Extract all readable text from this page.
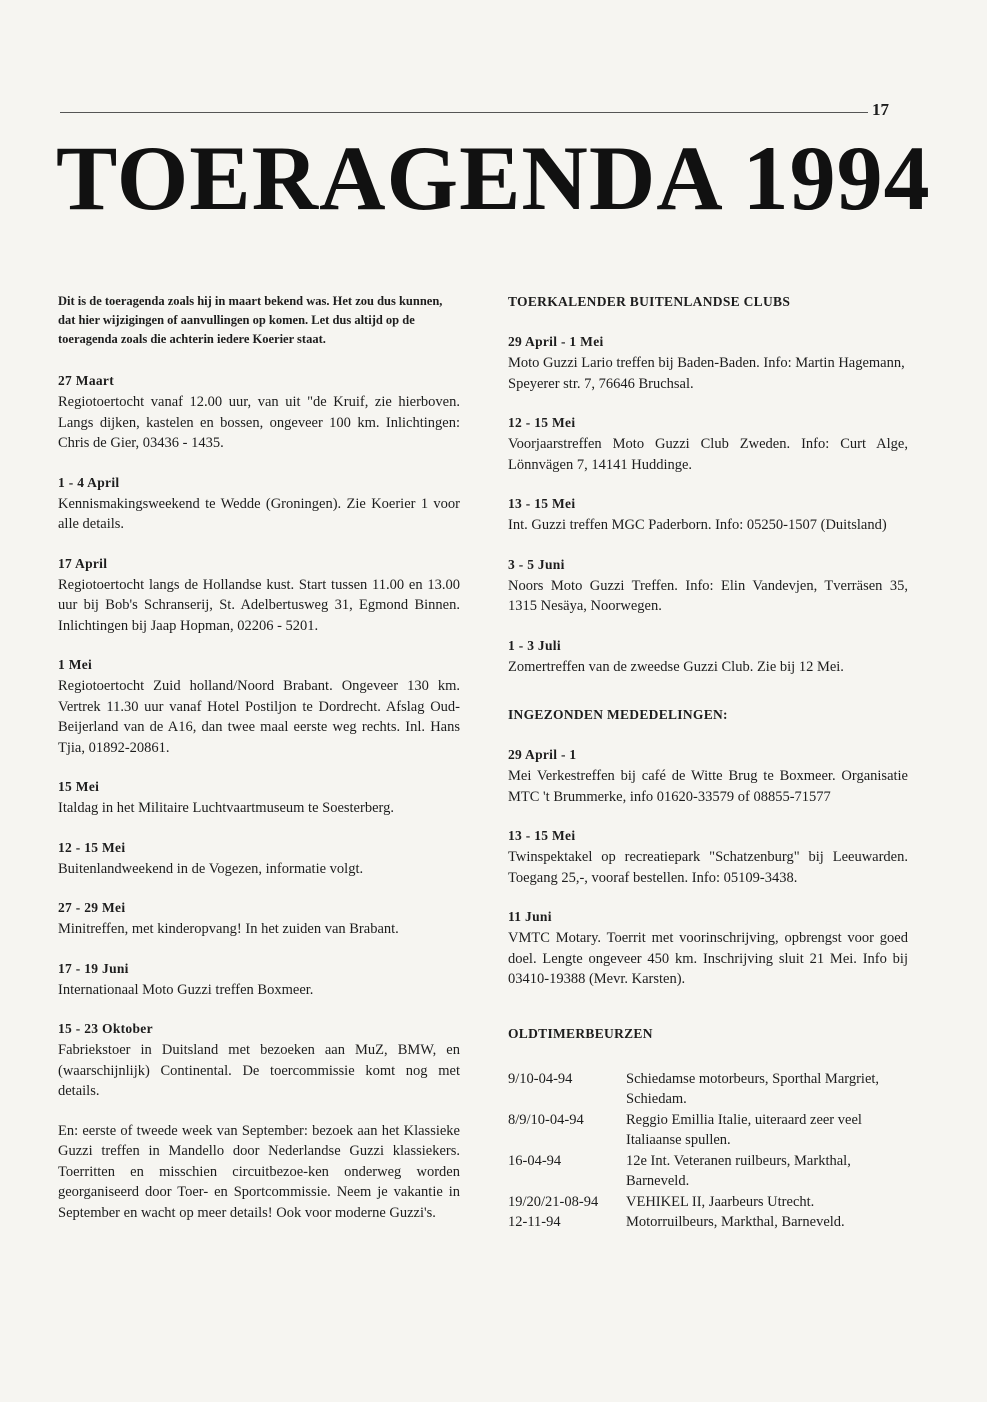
17
TOERAGENDA 1994

Dit is de toeragenda zoals hij in maart bekend was. Het zou dus kunnen, dat hier wijzigingen of aanvullingen op komen. Let dus altijd op de toeragenda zoals die achterin iedere Koerier staat.

27 Maart

Regiotoertocht vanaf 12.00 uur, van uit "de Kruif, zie hierboven. Langs dijken, kastelen en bossen, ongeveer 100 km. Inlichtingen: Chris de Gier, 03436 - 1435.

1 - 4 April

Kennismakingsweekend te Wedde (Groningen). Zie Koerier 1 voor alle details.

17 April

Regiotoertocht langs de Hollandse kust. Start tussen 11.00 en 13.00 uur bij Bob's Schranserij, St. Adelbertusweg 31, Egmond Binnen. Inlichtingen bij Jaap Hopman, 02206 - 5201.

1 Mei

Regiotoertocht Zuid holland/Noord Brabant. Ongeveer 130 km. Vertrek 11.30 uur vanaf Hotel Postiljon te Dordrecht. Afslag Oud-Beijerland van de A16, dan twee maal eerste weg rechts. Inl. Hans Tjia, 01892-20861.

15 Mei

Italdag in het Militaire Luchtvaartmuseum te Soesterberg.

12 - 15 Mei

Buitenlandweekend in de Vogezen, informatie volgt.

27 - 29 Mei

Minitreffen, met kinderopvang! In het zuiden van Brabant.

17 - 19 Juni

Internationaal Moto Guzzi treffen Boxmeer.

15 - 23 Oktober

Fabriekstoer in Duitsland met bezoeken aan MuZ, BMW, en (waarschijnlijk) Continental. De toercommissie komt nog met details.

En: eerste of tweede week van September: bezoek aan het Klassieke Guzzi treffen in Mandello door Nederlandse Guzzi klassiekers. Toerritten en misschien circuitbezoe-ken onderweg worden georganiseerd door Toer- en Sportcommissie. Neem je vakantie in September en wacht op meer details! Ook voor moderne Guzzi's.

TOERKALENDER BUITENLANDSE CLUBS
29 April - 1 Mei

Moto Guzzi Lario treffen bij Baden-Baden. Info: Martin Hagemann, Speyerer str. 7, 76646 Bruchsal.

12 - 15 Mei

Voorjaarstreffen Moto Guzzi Club Zweden. Info: Curt Alge, Lönnvägen 7, 14141 Huddinge.

13 - 15 Mei

Int. Guzzi treffen MGC Paderborn. Info: 05250-1507 (Duitsland)

3 - 5 Juni

Noors Moto Guzzi Treffen. Info: Elin Vandevjen, Tverräsen 35, 1315 Nesäya, Noorwegen.

1 - 3 Juli

Zomertreffen van de zweedse Guzzi Club. Zie bij 12 Mei.

INGEZONDEN MEDEDELINGEN:
29 April - 1

Mei Verkestreffen bij café de Witte Brug te Boxmeer. Organisatie MTC 't Brummerke, info 01620-33579 of 08855-71577

13 - 15 Mei

Twinspektakel op recreatiepark "Schatzenburg" bij Leeuwarden. Toegang 25,-, vooraf bestellen. Info: 05109-3438.

11 Juni

VMTC Motary. Toerrit met voorinschrijving, opbrengst voor goed doel. Lengte ongeveer 450 km. Inschrijving sluit 21 Mei. Info bij 03410-19388 (Mevr. Karsten).

OLDTIMERBEURZEN
9/10-04-94	Schiedamse motorbeurs, Sporthal Margriet, Schiedam.
8/9/10-04-94	Reggio Emillia Italie, uiteraard zeer veel Italiaanse spullen.
16-04-94	12e Int. Veteranen ruilbeurs, Markthal, Barneveld.
19/20/21-08-94	VEHIKEL II, Jaarbeurs Utrecht.
12-11-94	Motorruilbeurs, Markthal, Barneveld.
